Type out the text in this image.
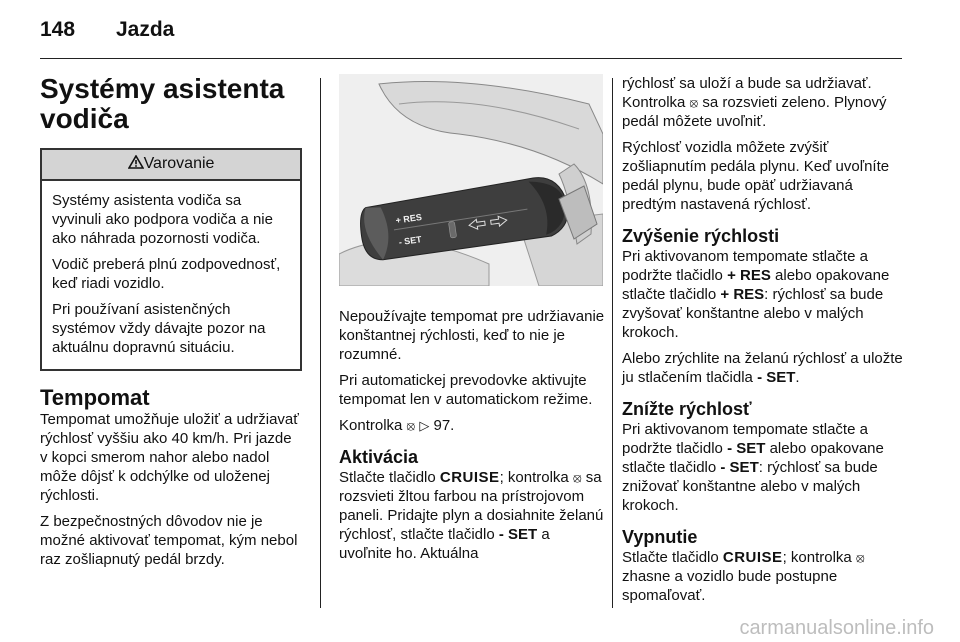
148 Jazda
Systémy asistenta
vodiča
Varovanie

Systémy asistenta vodiča sa vyvinuli ako podpora vodiča a nie ako náhrada pozornosti vodiča.

Vodič preberá plnú zodpovednosť, keď riadi vozidlo.

Pri používaní asistenčných systémov vždy dávajte pozor na aktuálnu dopravnú situáciu.

Tempomat

Tempomat umožňuje uložiť a udržiavať rýchlosť vyššiu ako 40 km/h. Pri jazde v kopci smerom nahor alebo nadol môže dôjsť k odchýlke od uloženej rýchlosti.

Z bezpečnostných dôvodov nie je možné aktivovať tempomat, kým nebol raz zošliapnutý pedál brzdy.

+ RES
- SET

Nepoužívajte tempomat pre udržiavanie konštantnej rýchlosti, keď to nie je rozumné.

Pri automatickej prevodovke aktivujte tempomat len v automatickom režime.

Kontrolka ⦻ ▷ 97.

Aktivácia

Stlačte tlačidlo CRUISE; kontrolka ⦻ sa rozsvieti žltou farbou na prístrojovom paneli. Pridajte plyn a dosiahnite želanú rýchlosť, stlačte tlačidlo - SET a uvoľnite ho. Aktuálna

rýchlosť sa uloží a bude sa udržiavať. Kontrolka ⦻ sa rozsvieti zeleno. Plynový pedál môžete uvoľniť.

Rýchlosť vozidla môžete zvýšiť zošliapnutím pedála plynu. Keď uvoľníte pedál plynu, bude opäť udržiavaná predtým nastavená rýchlosť.

Zvýšenie rýchlosti

Pri aktivovanom tempomate stlačte a podržte tlačidlo + RES alebo opakovane stlačte tlačidlo + RES: rýchlosť sa bude zvyšovať konštantne alebo v malých krokoch.

Alebo zrýchlite na želanú rýchlosť a uložte ju stlačením tlačidla - SET.

Znížte rýchlosť

Pri aktivovanom tempomate stlačte a podržte tlačidlo - SET alebo opakovane stlačte tlačidlo - SET: rýchlosť sa bude znižovať konštantne alebo v malých krokoch.

Vypnutie

Stlačte tlačidlo CRUISE; kontrolka ⦻ zhasne a vozidlo bude postupne spomaľovať.

carmanualsonline.info
